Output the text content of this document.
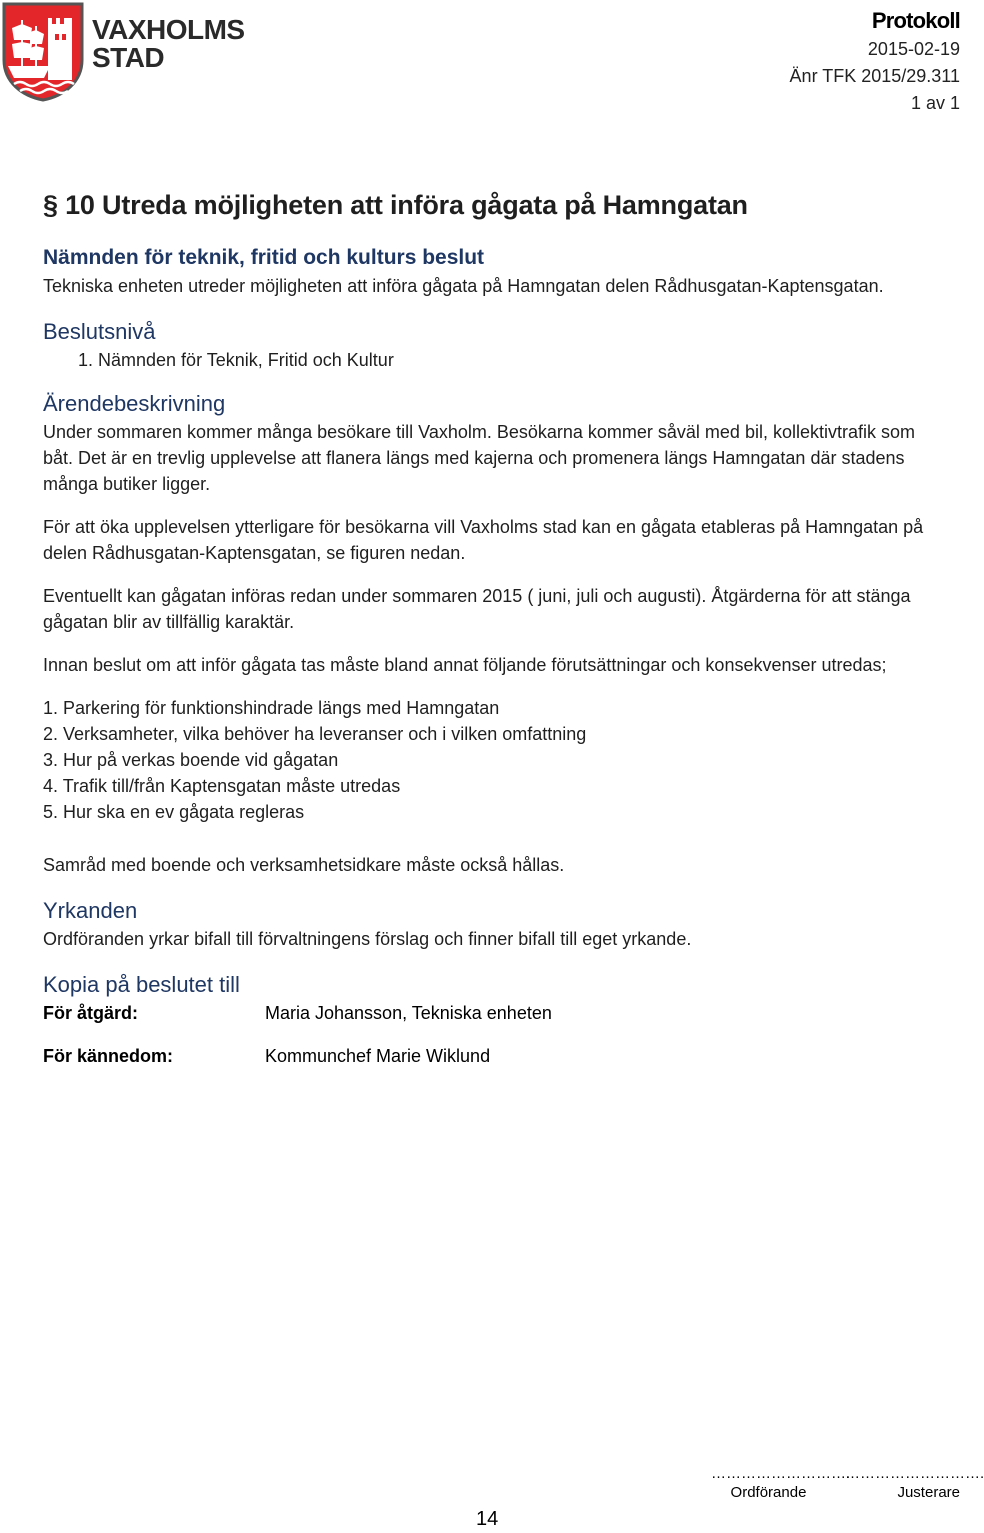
VAXHOLMS
STAD
Protokoll
2015-02-19
Änr TFK 2015/29.311
1 av 1
§ 10 Utreda möjligheten att införa gågata på Hamngatan
Nämnden för teknik, fritid och kulturs beslut

Tekniska enheten utreder möjligheten att införa gågata på Hamngatan delen Rådhusgatan-Kaptensgatan.

Beslutsnivå

1. Nämnden för Teknik, Fritid och Kultur

Ärendebeskrivning

Under sommaren kommer många besökare till Vaxholm. Besökarna kommer såväl med bil, kollektivtrafik som båt. Det är en trevlig upplevelse att flanera längs med kajerna och promenera längs Hamngatan där stadens många butiker ligger.

För att öka upplevelsen ytterligare för besökarna vill Vaxholms stad kan en gågata etableras på Hamngatan på delen Rådhusgatan-Kaptensgatan, se figuren nedan.

Eventuellt kan gågatan införas redan under sommaren 2015 ( juni, juli och augusti). Åtgärderna för att stänga gågatan blir av tillfällig karaktär.

Innan beslut om att inför gågata tas måste bland annat följande förutsättningar och konsekvenser utredas;

1. Parkering för funktionshindrade längs med Hamngatan
2. Verksamheter, vilka behöver ha leveranser och i vilken omfattning
3. Hur på verkas boende vid gågatan
4. Trafik till/från Kaptensgatan måste utredas
5. Hur ska en ev gågata regleras

Samråd med boende och verksamhetsidkare måste också hållas.

Yrkanden

Ordföranden yrkar bifall till förvaltningens förslag och finner bifall till eget yrkande.

Kopia på beslutet till
För åtgärd:	Maria Johansson, Tekniska enheten
För kännedom:	Kommunchef Marie Wiklund
……………………….
Ordförande
……………………….
Justerare
14
